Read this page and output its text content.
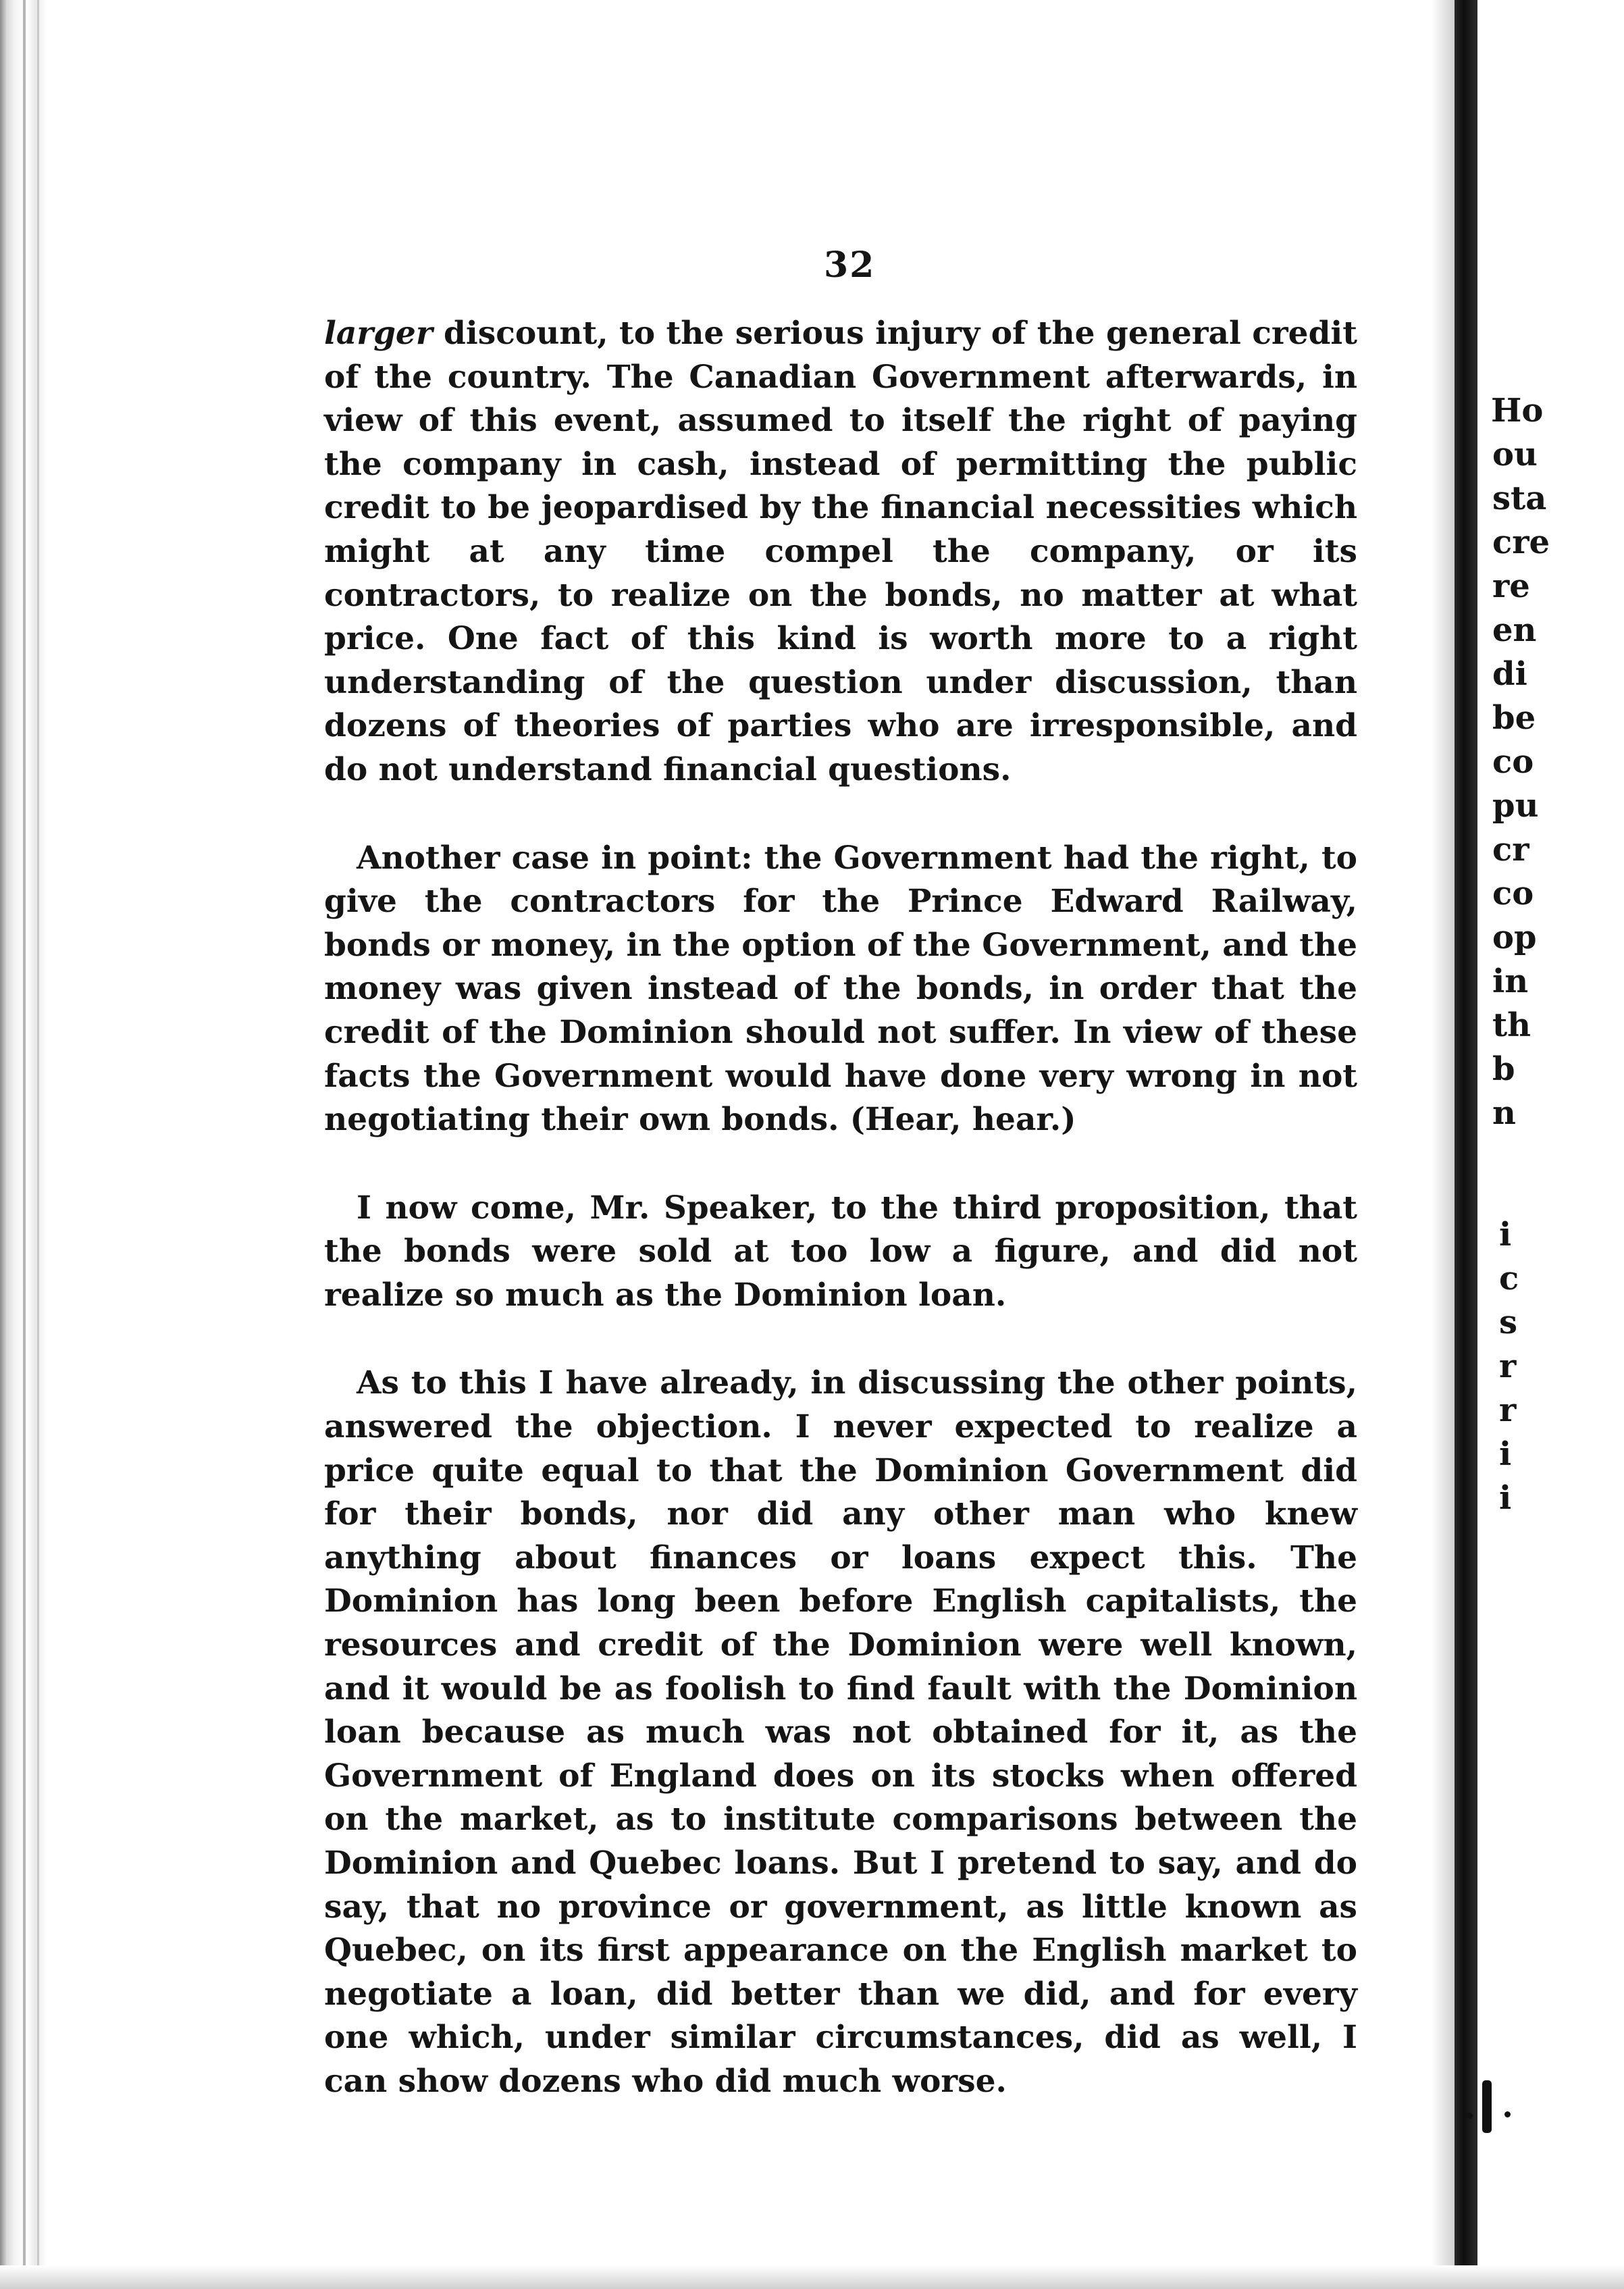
32

larger discount, to the serious injury of the general credit of the country. The Canadian Government afterwards, in view of this event, assumed to itself the right of paying the company in cash, instead of permitting the public credit to be jeopardised by the financial necessities which might at any time compel the company, or its contractors, to realize on the bonds, no matter at what price. One fact of this kind is worth more to a right understanding of the question under discussion, than dozens of theories of parties who are irresponsible, and do not understand financial questions.

Another case in point: the Government had the right, to give the contractors for the Prince Edward Railway, bonds or money, in the option of the Government, and the money was given instead of the bonds, in order that the credit of the Dominion should not suffer. In view of these facts the Government would have done very wrong in not negotiating their own bonds. (Hear, hear.)

I now come, Mr. Speaker, to the third proposition, that the bonds were sold at too low a figure, and did not realize so much as the Dominion loan.

As to this I have already, in discussing the other points, answered the objection. I never expected to realize a price quite equal to that the Dominion Government did for their bonds, nor did any other man who knew anything about finances or loans expect this. The Dominion has long been before English capitalists, the resources and credit of the Dominion were well known, and it would be as foolish to find fault with the Dominion loan because as much was not obtained for it, as the Government of England does on its stocks when offered on the market, as to institute comparisons between the Dominion and Quebec loans. But I pretend to say, and do say, that no province or government, as little known as Quebec, on its first appearance on the English market to negotiate a loan, did better than we did, and for every one which, under similar circumstances, did as well, I can show dozens who did much worse.

Ho
ou
sta
cre
re
en
di
be
co
pu
cr
co
op
in
th
b
n
i
c
s
r
r
i
i
